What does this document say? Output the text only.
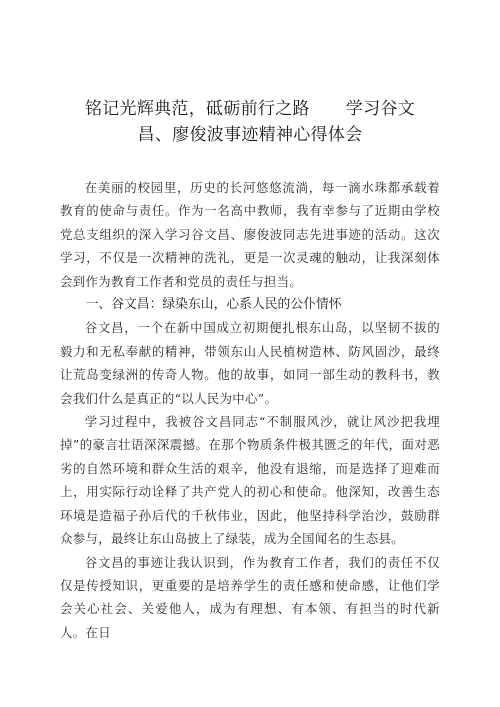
铭记光辉典范，砥砺前行之路 学习谷文
昌、廖俊波事迹精神心得体会

在美丽的校园里，历史的长河悠悠流淌，每一滴水珠都承载着教育的使命与责任。作为一名高中教师，我有幸参与了近期由学校党总支组织的深入学习谷文昌、廖俊波同志先进事迹的活动。这次学习，不仅是一次精神的洗礼，更是一次灵魂的触动，让我深刻体会到作为教育工作者和党员的责任与担当。

一、谷文昌：绿染东山，心系人民的公仆情怀

谷文昌，一个在新中国成立初期便扎根东山岛，以坚韧不拔的毅力和无私奉献的精神，带领东山人民植树造林、防风固沙，最终让荒岛变绿洲的传奇人物。他的故事，如同一部生动的教科书，教会我们什么是真正的“以人民为中心”。

学习过程中，我被谷文昌同志“不制服风沙，就让风沙把我埋掉”的豪言壮语深深震撼。在那个物质条件极其匮乏的年代，面对恶劣的自然环境和群众生活的艰辛，他没有退缩，而是选择了迎难而上，用实际行动诠释了共产党人的初心和使命。他深知，改善生态环境是造福子孙后代的千秋伟业，因此，他坚持科学治沙，鼓励群众参与，最终让东山岛披上了绿装，成为全国闻名的生态县。

谷文昌的事迹让我认识到，作为教育工作者，我们的责任不仅仅是传授知识，更重要的是培养学生的责任感和使命感，让他们学会关心社会、关爱他人，成为有理想、有本领、有担当的时代新人。在日
